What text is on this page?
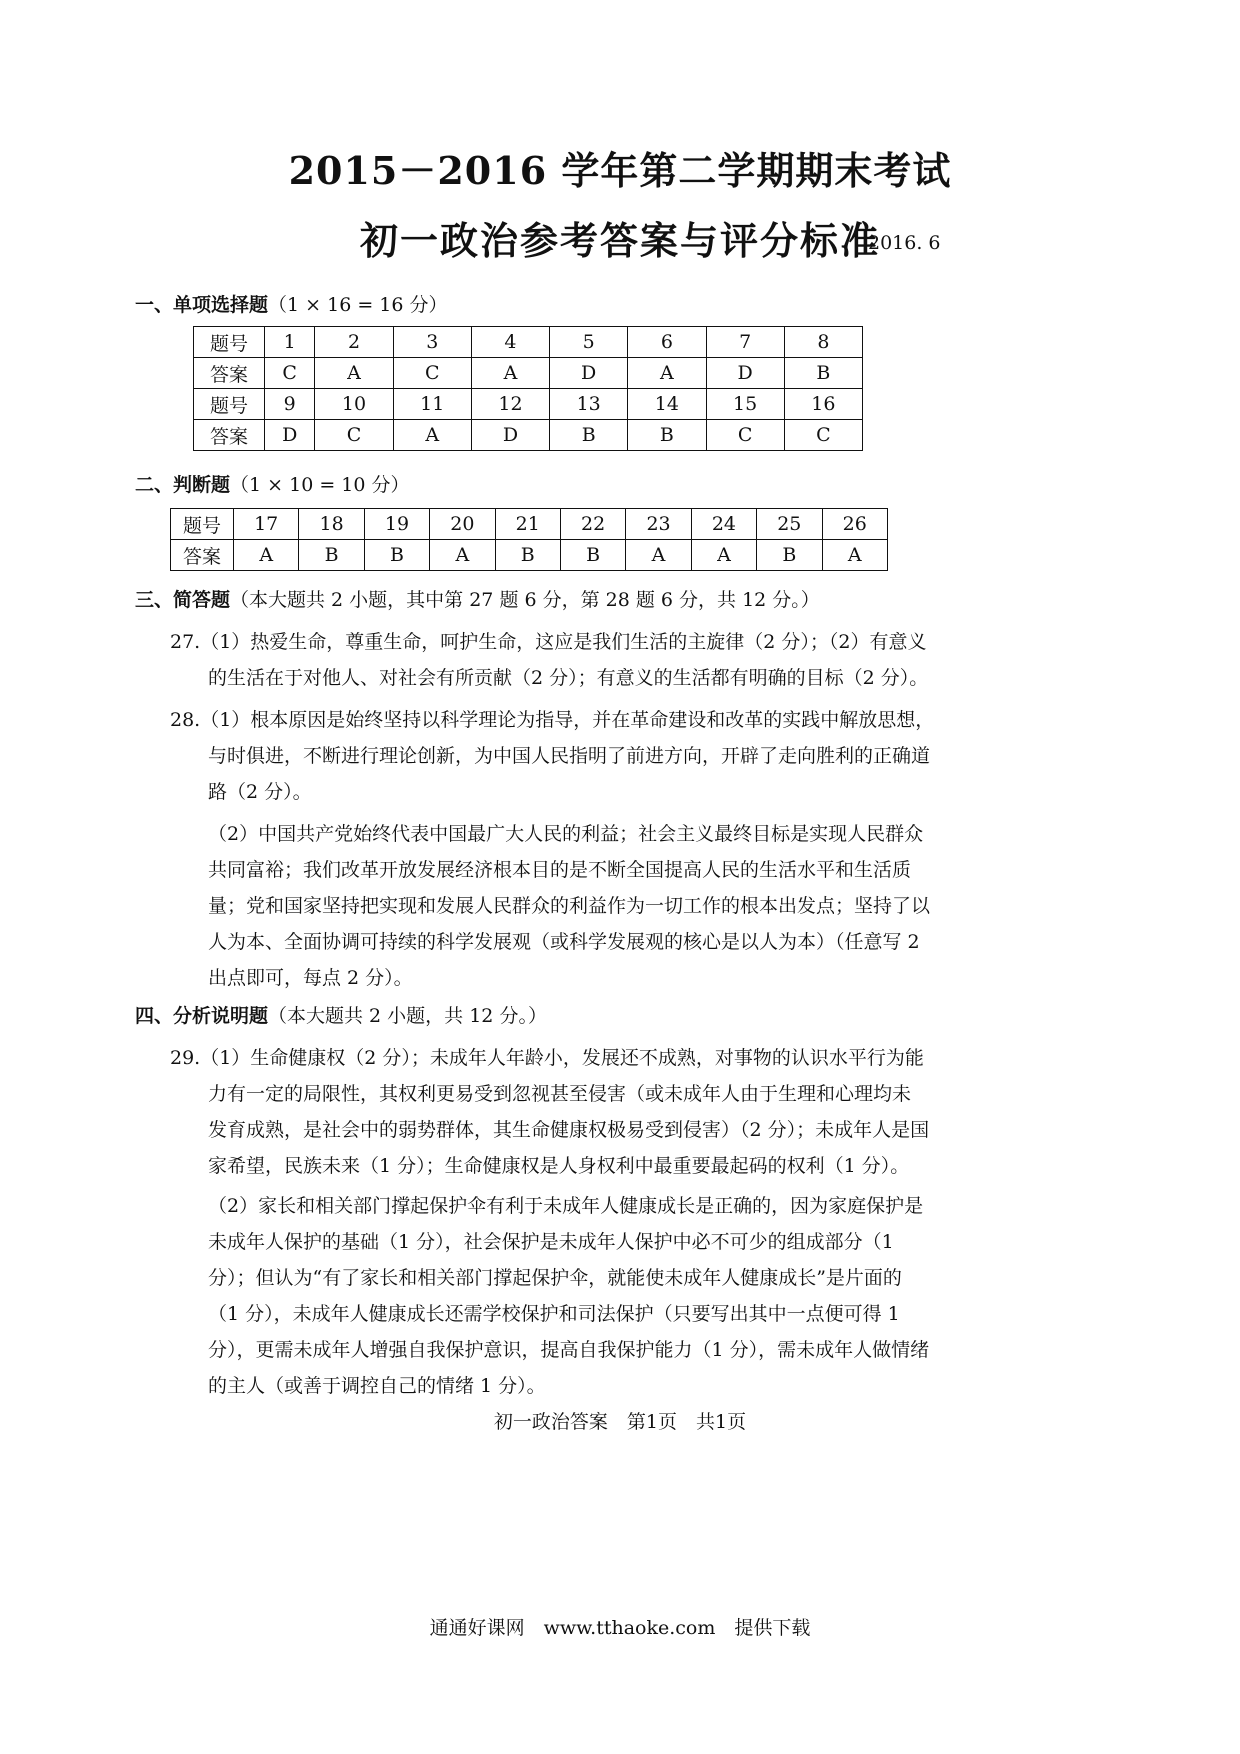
2015－2016 学年第二学期期末考试
初一政治参考答案与评分标准
2016. 6
一、单项选择题（1 × 16 = 16 分）
题号	1	2	3	4	5	6	7	8
答案	C	A	C	A	D	A	D	B
题号	9	10	11	12	13	14	15	16
答案	D	C	A	D	B	B	C	C
二、判断题（1 × 10 = 10 分）
题号	17	18	19	20	21	22	23	24	25	26
答案	A	B	B	A	B	B	A	A	B	A
三、简答题（本大题共 2 小题，其中第 27 题 6 分，第 28 题 6 分，共 12 分。）
27.（1）热爱生命，尊重生命，呵护生命，这应是我们生活的主旋律（2 分）；（2）有意义
的生活在于对他人、对社会有所贡献（2 分）；有意义的生活都有明确的目标（2 分）。
28.（1）根本原因是始终坚持以科学理论为指导，并在革命建设和改革的实践中解放思想，
与时俱进，不断进行理论创新，为中国人民指明了前进方向，开辟了走向胜利的正确道
路（2 分）。
（2）中国共产党始终代表中国最广大人民的利益；社会主义最终目标是实现人民群众
共同富裕；我们改革开放发展经济根本目的是不断全国提高人民的生活水平和生活质
量；党和国家坚持把实现和发展人民群众的利益作为一切工作的根本出发点；坚持了以
人为本、全面协调可持续的科学发展观（或科学发展观的核心是以人为本）（任意写 2
出点即可，每点 2 分）。
四、分析说明题（本大题共 2 小题，共 12 分。）
29.（1）生命健康权（2 分）；未成年人年龄小，发展还不成熟，对事物的认识水平行为能
力有一定的局限性，其权利更易受到忽视甚至侵害（或未成年人由于生理和心理均未
发育成熟，是社会中的弱势群体，其生命健康权极易受到侵害）（2 分）；未成年人是国
家希望，民族未来（1 分）；生命健康权是人身权利中最重要最起码的权利（1 分）。
（2）家长和相关部门撑起保护伞有利于未成年人健康成长是正确的，因为家庭保护是
未成年人保护的基础（1 分），社会保护是未成年人保护中必不可少的组成部分（1
分）；但认为“有了家长和相关部门撑起保护伞，就能使未成年人健康成长”是片面的
（1 分），未成年人健康成长还需学校保护和司法保护（只要写出其中一点便可得 1
分），更需未成年人增强自我保护意识，提高自我保护能力（1 分），需未成年人做情绪
的主人（或善于调控自己的情绪 1 分）。
初一政治答案　第1页　共1页
通通好课网　www.tthaoke.com　提供下载
